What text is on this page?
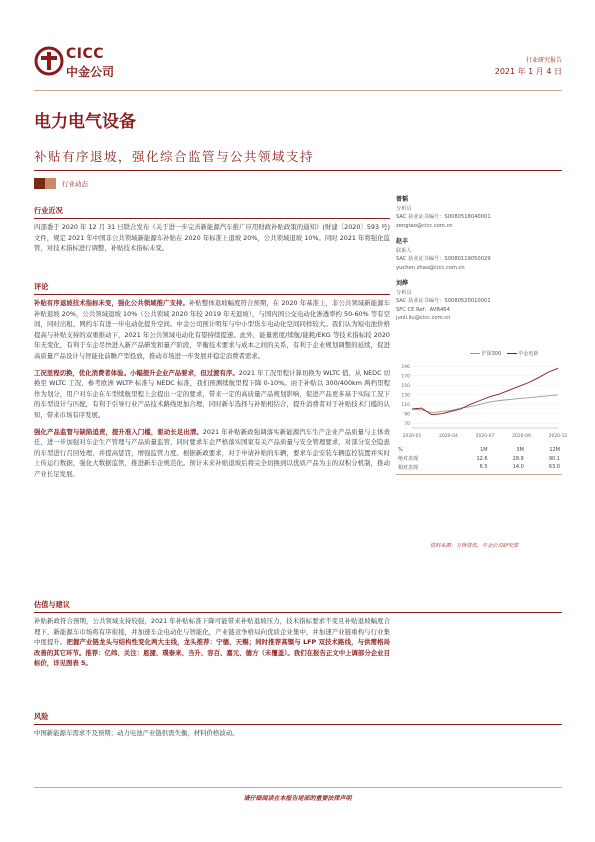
CICC
中金公司
行业研究报告
2021 年 1 月 4 日
电力电气设备
补贴有序退坡，强化综合监管与公共领域支持
行业动态
行业近况
四部委于 2020 年 12 月 31 日联合发布《关于进一步完善新能源汽车推广应用财政补贴政策的通知》(财建〔2020〕593 号)文件，规定 2021 年中国非公共领域新能源车补贴在 2020 年标准上退坡 20%，公共领域退坡 10%。同时 2021 年将强化监管，对技术指标进行调整，补贴技术指标未变。
评论
补贴有序退坡技术指标未变，强化公共领域推广支持。补贴整体退坡幅度符合预期，在 2020 年基准上，非公共领域新能源车补贴退坡 20%，公共领域退坡 10%（公共领域 2020 年较 2019 年无退坡），与国内国公交电动化渗透率约 50-60% 等有空间，同时出租、网约车有进一步电动化提升空间。中金公司预计明年与中小型货车电动化空间同样较大。我们认为短电池价格提高与补贴支持的双重推动下，2021 年公共领域电动化有望持续提速。此外，能量密度/续航/能耗/EKG 等技术指标较 2020 年无变化，有利于车企尽快进入新产品研发和量产阶段，平衡技术要求与成本之间的关系，有利于企业规划调整的延续，促进高质量产品设计与智能化前瞻产型投放，推动市场进一步发展并稳定消费者需求。
工况里程切换，优化消费者体验。小幅提升企业产品要求，但过渡有序。2021 年工况里程计算切换为 WLTC 值，从 NEDC 切换至 WLTC 工况，参考欧洲 WLTP 标准与 NEDC 标准，我们预测续航里程下降 0-10%。由于补贴以 300/400km 两档里程作为划分，用户对车企在车型续航里程上会提出一定的要求，带来一定的高质量产品规划影响，促进产品更多基于实际工况下的车型设计与匹配，有利于引导行业产品技术路线更加合理，同时新车选择与补贴相结合，提升消费者对于补贴技术门槛的认知，带来市场有序发展。
强化产品监管与缺陷追责，提升准入门槛，驱动长足出清。2021 年补贴新政强调落实新能源汽车生产企业产品质量与主体责任，进一步加强对车企生产管理与产品质量监管，同时要求车企严格落实国家有关产品质量与安全管理要求，对部分安全隐患的车型进行召回处理，并提高惩罚，增强监管力度。根据新政要求，对于申请补贴的车辆，要求车企安装车辆监控装置并实时上传运行数据，强化大数据监管，推进新车企规范化。预计未来补贴退坡后将完全切换到以优质产品为主的双积分机制，推动产业长足发展。
估值与建议
补贴新政符合预期，公共领域支持较强，2021 年补贴标准下降可能带来补贴退坡压力，技术指标要求不变且补贴退坡幅度合理下，新能源车市场将有序衔接，并加速车企电动化与智能化，产业链竞争格局向优质企业集中，并加速产业链重构与行业集中度提升。把握产业链龙头与结构性变化两大主线，龙头推荐：宁德、天赐；同时推荐高镍与 LFP 双技术路线，与供需格局改善的其它环节。推荐：亿纬、关注：恩捷、璞泰来、当升、容百、嘉元、德方（未覆盖）。我们在报告正文中上调部分企业目标价，详见图表 5。
风险
中国新能源车需求不及预期；动力电池产业链供需失衡，材料价格波动。
曾韬
分析员
SAC 执业证书编号：S0080518040001
zengtao@cicc.com.cn
赵丰
联系人
SAC 执业证书编号：S0080119050029
yuchen.zhao@cicc.com.cn
刘烨
分析员
SAC 执业证书编号：S0080520010001
SFC CE Ref：AVB464
junli.liu@cicc.com.cn
沪深300	中金电新
190
170
150
130
110
90
70
2020-01	2020-04	2020-07	2020-09	2020-12
%	1M	3M	12M
绝对表现	12.6	28.8	90.1
相对表现	6.5	14.0	63.0
资料来源：万得资讯，中金公司研究部
请仔细阅读在本报告尾部的重要法律声明
